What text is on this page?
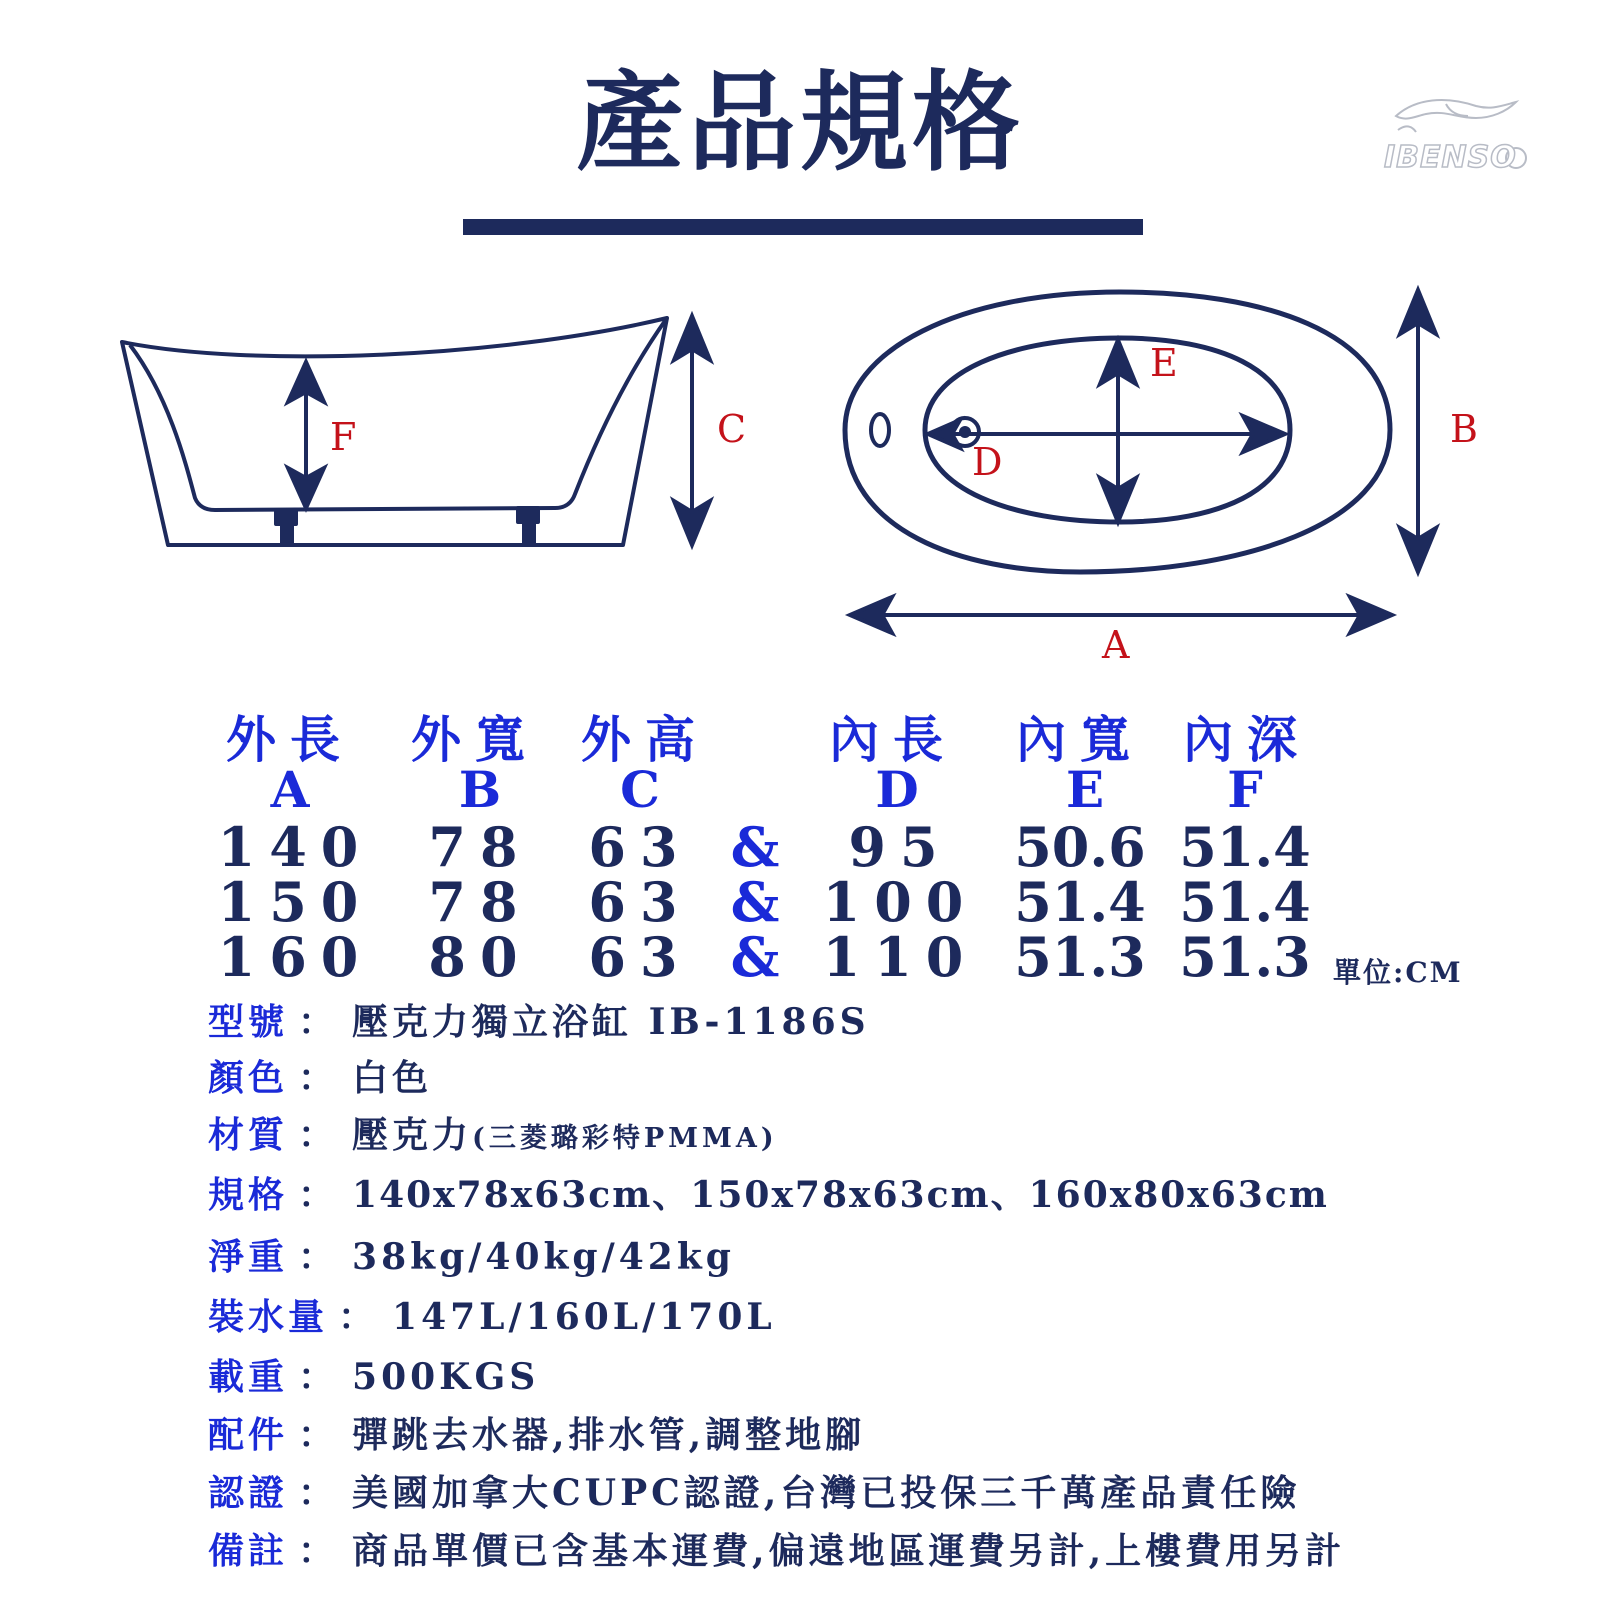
產品規格	IBENSO
F	C
D
E
B
A
外長 外寬 外高 內長 內寬 內深
A	B	C	D	E	F
140	78	63 &	95	50.6 51.4
150	78	63 & 100 51.4 51.4
160	80	63 & 110 51.3 51.3 單位:CM
型號 ： 壓克力獨立浴缸 IB-1186S
顏色 ： 白色
材質 ： 壓克力(三菱璐彩特PMMA)
規格 ： 140x78x63cm、150x78x63cm、160x80x63cm
淨重 ： 38kg/40kg/42kg
裝水量 ： 147L/160L/170L
載重 ： 500KGS
配件 ： 彈跳去水器,排水管,調整地腳
認證 ： 美國加拿大CUPC認證,台灣已投保三千萬產品責任險
備註 ： 商品單價已含基本運費,偏遠地區運費另計,上樓費用另計
